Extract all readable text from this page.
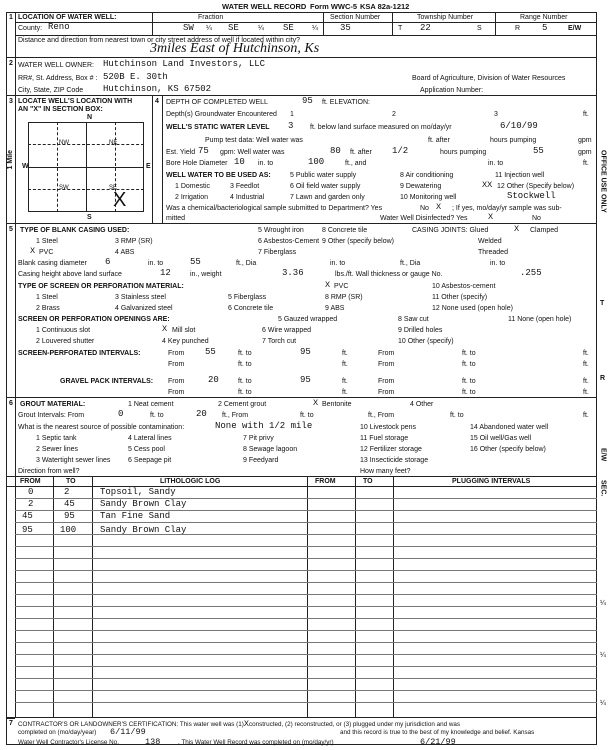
WATER WELL RECORD Form WWC-5 KSA 82a-1212
1 LOCATION OF WATER WELL:	Fraction	Section Number	Township Number	Range Number
County: Reno	SW ¼ SE	¼ SE	¼ 35	T 22	S	R 5	E/W
Distance and direction from nearest town or city street address of well if located within city?
3miles East of Hutchinson, Ks
2 WATER WELL OWNER: Hutchinson Land Investors, LLC
RR#, St. Address, Box # : 520B E. 30th	Board of Agriculture, Division of Water Resources
City, State, ZIP Code Hutchinson, KS 67502	Application Number:
3 LOCATE WELL'S LOCATION WITH
AN "X" IN SECTION BOX:
N
NW	NE
SW	SE
W	E
S
1 Mile
X
4 DEPTH OF COMPLETED WELL	95 ft. ELEVATION:
Depth(s) Groundwater Encountered 1	2	3	ft.
WELL'S STATIC WATER LEVEL 3 ft. below land surface measured on mo/day/yr	6/10/99
Pump test data: Well water was	ft. after	hours pumping	gpm
Est. Yield 75 gpm: Well water was	80 ft. after 1/2	hours pumping	55	gpm
Bore Hole Diameter 10 in. to	100	ft., and	in. to	ft.
WELL WATER TO BE USED AS:	5 Public water supply	8 Air conditioning	11 Injection well
1 Domestic	3 Feedlot	6 Oil field water supply	9 Dewatering	XX 12 Other (Specify below)
2 Irrigation	4 Industrial	7 Lawn and garden only	10 Monitoring well	Stockwell
Was a chemical/bacteriological sample submitted to Department? Yes	No X ; If yes, mo/day/yr sample was sub-
mitted	Water Well Disinfected? Yes X	No
5 TYPE OF BLANK CASING USED:	5 Wrought iron	8 Concrete tile	CASING JOINTS: Glued	X Clamped
1 Steel	3 RMP (SR)	6 Asbestos-Cement 9 Other (specify below)	Welded
X PVC	4 ABS	7 Fiberglass	Threaded
Blank casing diameter 6	in. to	55	ft., Dia	in. to	ft., Dia	in. to
Casing height above land surface	12	in., weight	3.36	lbs./ft. Wall thickness or gauge No.	.255
TYPE OF SCREEN OR PERFORATION MATERIAL:	X PVC	10 Asbestos-cement
1 Steel	3 Stainless steel	5 Fiberglass	8 RMP (SR)	11 Other (specify)
2 Brass	4 Galvanized steel	6 Concrete tile	9 ABS	12 None used (open hole)
SCREEN OR PERFORATION OPENINGS ARE:	5 Gauzed wrapped	8 Saw cut	11 None (open hole)
1 Continuous slot	X Mill slot	6 Wire wrapped	9 Drilled holes
2 Louvered shutter	4 Key punched	7 Torch cut	10 Other (specify)
SCREEN-PERFORATED INTERVALS:	From 55	ft. to	95	ft.	From	ft. to	ft.
From	ft. to	ft.	From	ft. to	ft.
GRAVEL PACK INTERVALS: From	20	ft. to	95	ft.	From	ft. to	ft.
From	ft. to	ft.	From	ft. to	ft.
6 GROUT MATERIAL:	1 Neat cement	2 Cement grout	X Bentonite	4 Other
Grout Intervals: From	0	ft. to	20 ft., From	ft. to	ft., From	ft. to	ft.
What is the nearest source of possible contamination:	None with 1/2 mile	10 Livestock pens	14 Abandoned water well
1 Septic tank	4 Lateral lines	7 Pit privy	11 Fuel storage	15 Oil well/Gas well
2 Sewer lines	5 Cess pool	8 Sewage lagoon	12 Fertilizer storage	16 Other (specify below)
3 Watertight sewer lines	6 Seepage pit	9 Feedyard	13 Insecticide storage
Direction from well?	How many feet?
FROM	TO	LITHOLOGIC LOG	FROM	TO	PLUGGING INTERVALS
0	2	Topsoil, Sandy
2	45	Sandy Brown Clay
45	95	Tan Fine Sand
95	100	Sandy Brown Clay
7 CONTRACTOR'S OR LANDOWNER'S CERTIFICATION: This water well was (1)Xconstructed, (2) reconstructed, or (3) plugged under my jurisdiction and was
completed on (mo/day/year) 6/11/99	and this record is true to the best of my knowledge and belief. Kansas
Water Well Contractor's License No.	138	. This Water Well Record was completed on (mo/day/yr)	6/21/99
OFFICE USE ONLY
T
R
E/W
SEC.
¼
¼
¼
